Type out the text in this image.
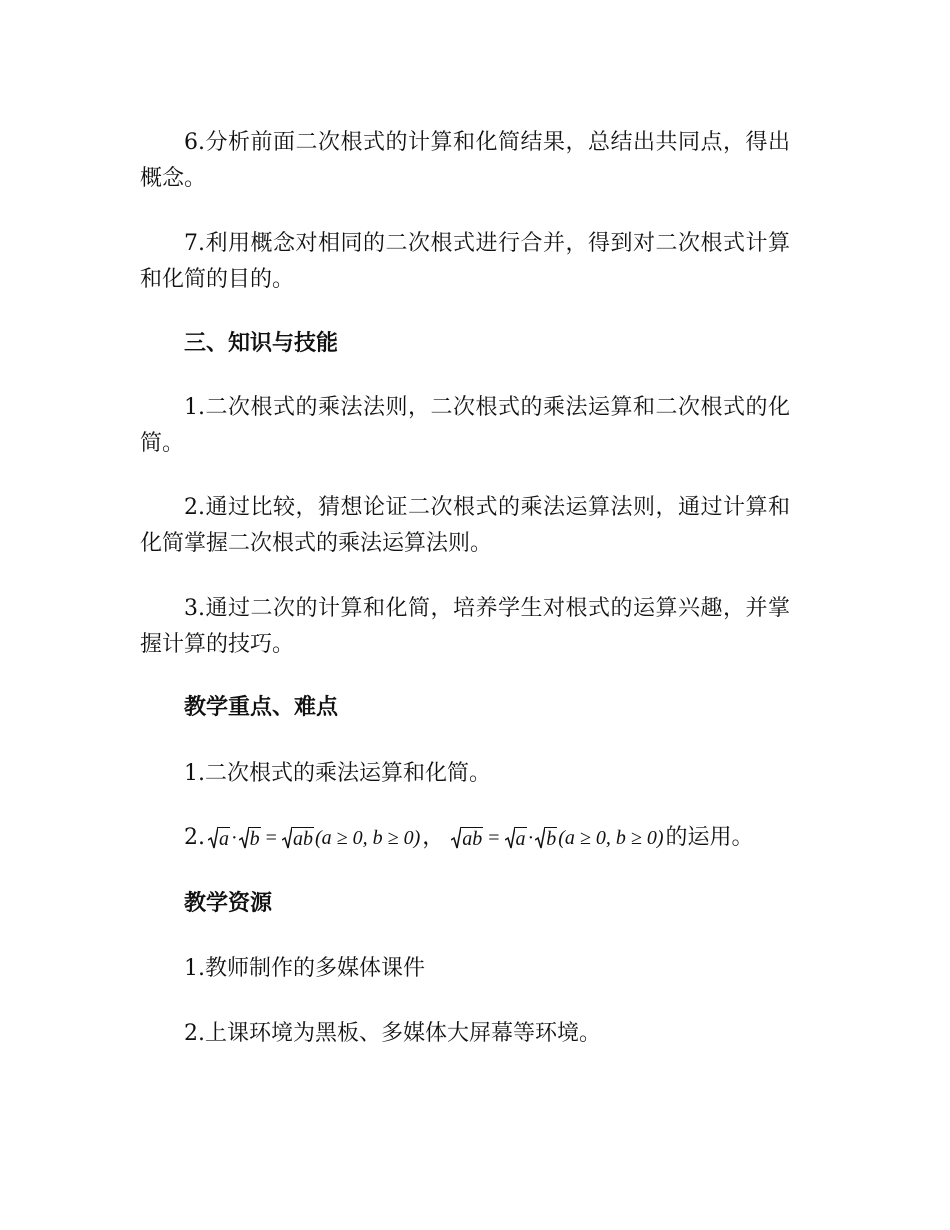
6.分析前面二次根式的计算和化简结果，总结出共同点，得出概念。

7.利用概念对相同的二次根式进行合并，得到对二次根式计算和化简的目的。

三、知识与技能

1.二次根式的乘法法则，二次根式的乘法运算和二次根式的化简。

2.通过比较，猜想论证二次根式的乘法运算法则，通过计算和化简掌握二次根式的乘法运算法则。

3.通过二次的计算和化简，培养学生对根式的运算兴趣，并掌握计算的技巧。

教学重点、难点

1.二次根式的乘法运算和化简。

2. a · b = ab (a ≥ 0, b ≥ 0) ， ab = a · b (a ≥ 0, b ≥ 0) 的运用。

教学资源

1.教师制作的多媒体课件

2.上课环境为黑板、多媒体大屏幕等环境。
